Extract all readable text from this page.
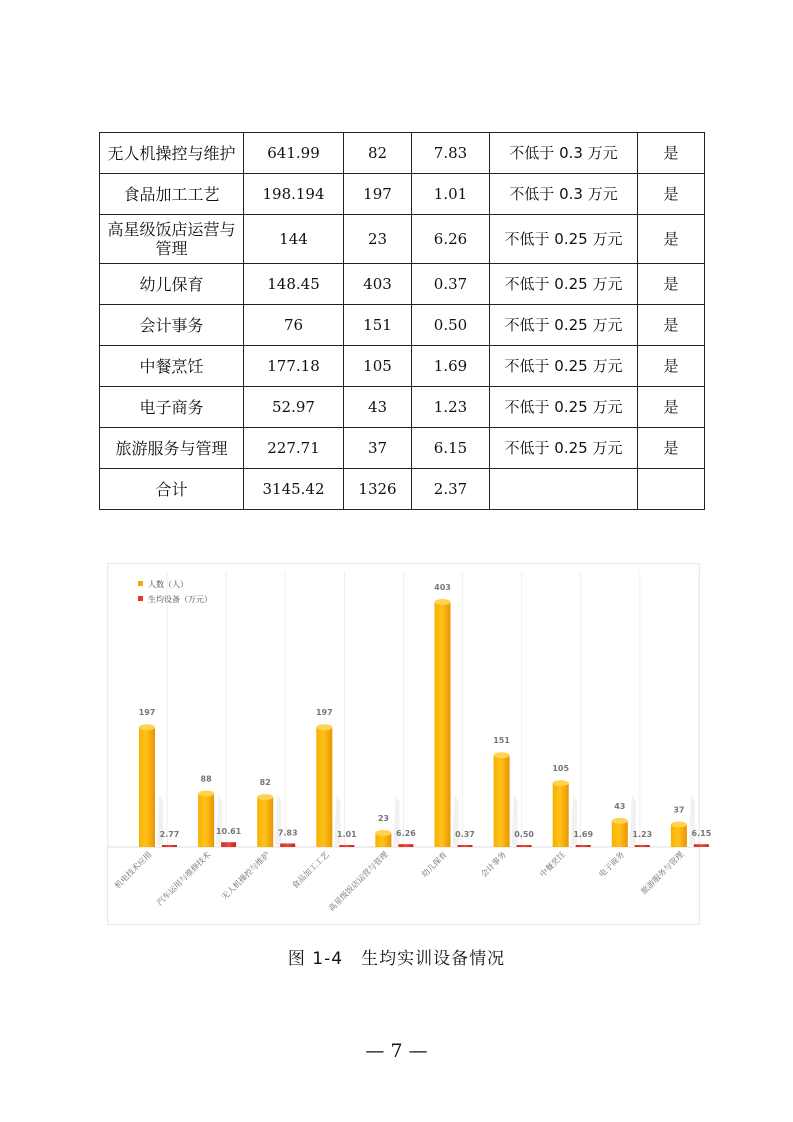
无人机操控与维护	641.99	82	7.83	不低于 0.3 万元	是
食品加工工艺	198.194	197	1.01	不低于 0.3 万元	是
高星级饭店运营与管理	144	23	6.26	不低于 0.25 万元	是
幼儿保育	148.45	403	0.37	不低于 0.25 万元	是
会计事务	76	151	0.50	不低于 0.25 万元	是
中餐烹饪	177.18	105	1.69	不低于 0.25 万元	是
电子商务	52.97	43	1.23	不低于 0.25 万元	是
旅游服务与管理	227.71	37	6.15	不低于 0.25 万元	是
合计	3145.42	1326	2.37		
人数（人）
生均设备（万元）
197
2.77
机电技术应用
88
10.61
汽车运用与维修技术
82
7.83
无人机操控与维护
197
1.01
食品加工工艺
23
6.26
高星级饭店运营与管理
403
0.37
幼儿保育
151
0.50
会计事务
105
1.69
中餐烹饪
43
1.23
电子商务
37
6.15
旅游服务与管理
图 1-4　生均实训设备情况
— 7 —
